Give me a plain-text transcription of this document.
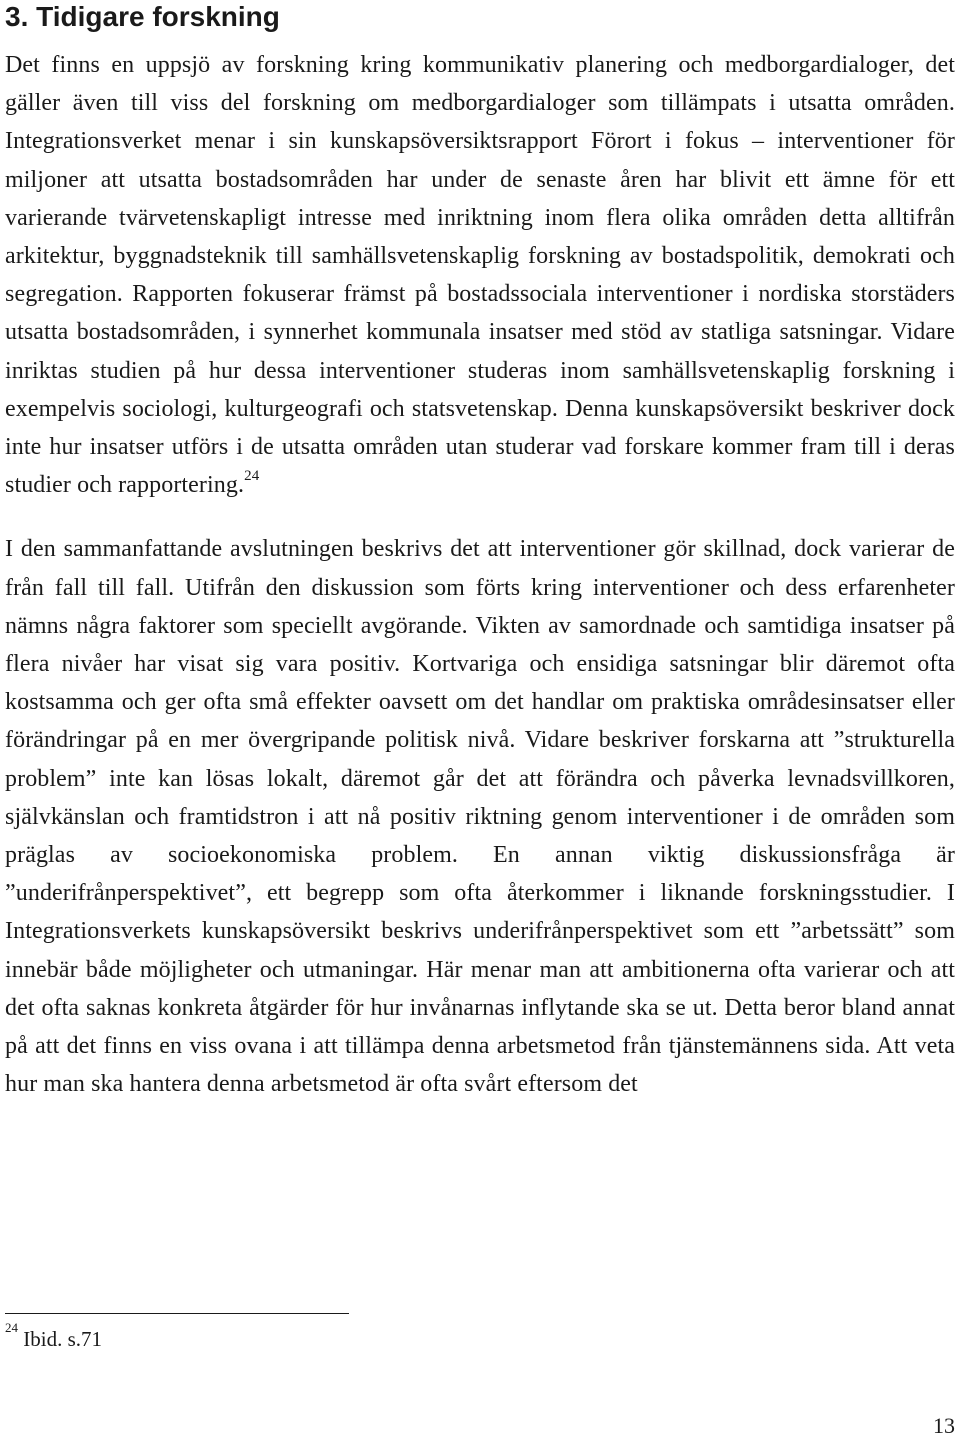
3. Tidigare forskning

Det finns en uppsjö av forskning kring kommunikativ planering och medborgardialoger, det gäller även till viss del forskning om medborgardialoger som tillämpats i utsatta områden. Integrationsverket menar i sin kunskapsöversiktsrapport Förort i fokus – interventioner för miljoner att utsatta bostadsområden har under de senaste åren har blivit ett ämne för ett varierande tvärvetenskapligt intresse med inriktning inom flera olika områden detta alltifrån arkitektur, byggnadsteknik till samhällsvetenskaplig forskning av bostadspolitik, demokrati och segregation. Rapporten fokuserar främst på bostadssociala interventioner i nordiska storstäders utsatta bostadsområden, i synnerhet kommunala insatser med stöd av statliga satsningar. Vidare inriktas studien på hur dessa interventioner studeras inom samhällsvetenskaplig forskning i exempelvis sociologi, kulturgeografi och statsvetenskap. Denna kunskapsöversikt beskriver dock inte hur insatser utförs i de utsatta områden utan studerar vad forskare kommer fram till i deras studier och rapportering.$^{24}$

I den sammanfattande avslutningen beskrivs det att interventioner gör skillnad, dock varierar de från fall till fall. Utifrån den diskussion som förts kring interventioner och dess erfarenheter nämns några faktorer som speciellt avgörande. Vikten av samordnade och samtidiga insatser på flera nivåer har visat sig vara positiv. Kortvariga och ensidiga satsningar blir däremot ofta kostsamma och ger ofta små effekter oavsett om det handlar om praktiska områdesinsatser eller förändringar på en mer övergripande politisk nivå. Vidare beskriver forskarna att ”strukturella problem” inte kan lösas lokalt, däremot går det att förändra och påverka levnadsvillkoren, självkänslan och framtidstron i att nå positiv riktning genom interventioner i de områden som präglas av socioekonomiska problem. En annan viktig diskussionsfråga är ”underifrånperspektivet”, ett begrepp som ofta återkommer i liknande forskningsstudier. I Integrationsverkets kunskapsöversikt beskrivs underifrånperspektivet som ett ”arbetssätt” som innebär både möjligheter och utmaningar. Här menar man att ambitionerna ofta varierar och att det ofta saknas konkreta åtgärder för hur invånarnas inflytande ska se ut. Detta beror bland annat på att det finns en viss ovana i att tillämpa denna arbetsmetod från tjänstemännens sida. Att veta hur man ska hantera denna arbetsmetod är ofta svårt eftersom det

$^{24}$ Ibid. s.71
13
